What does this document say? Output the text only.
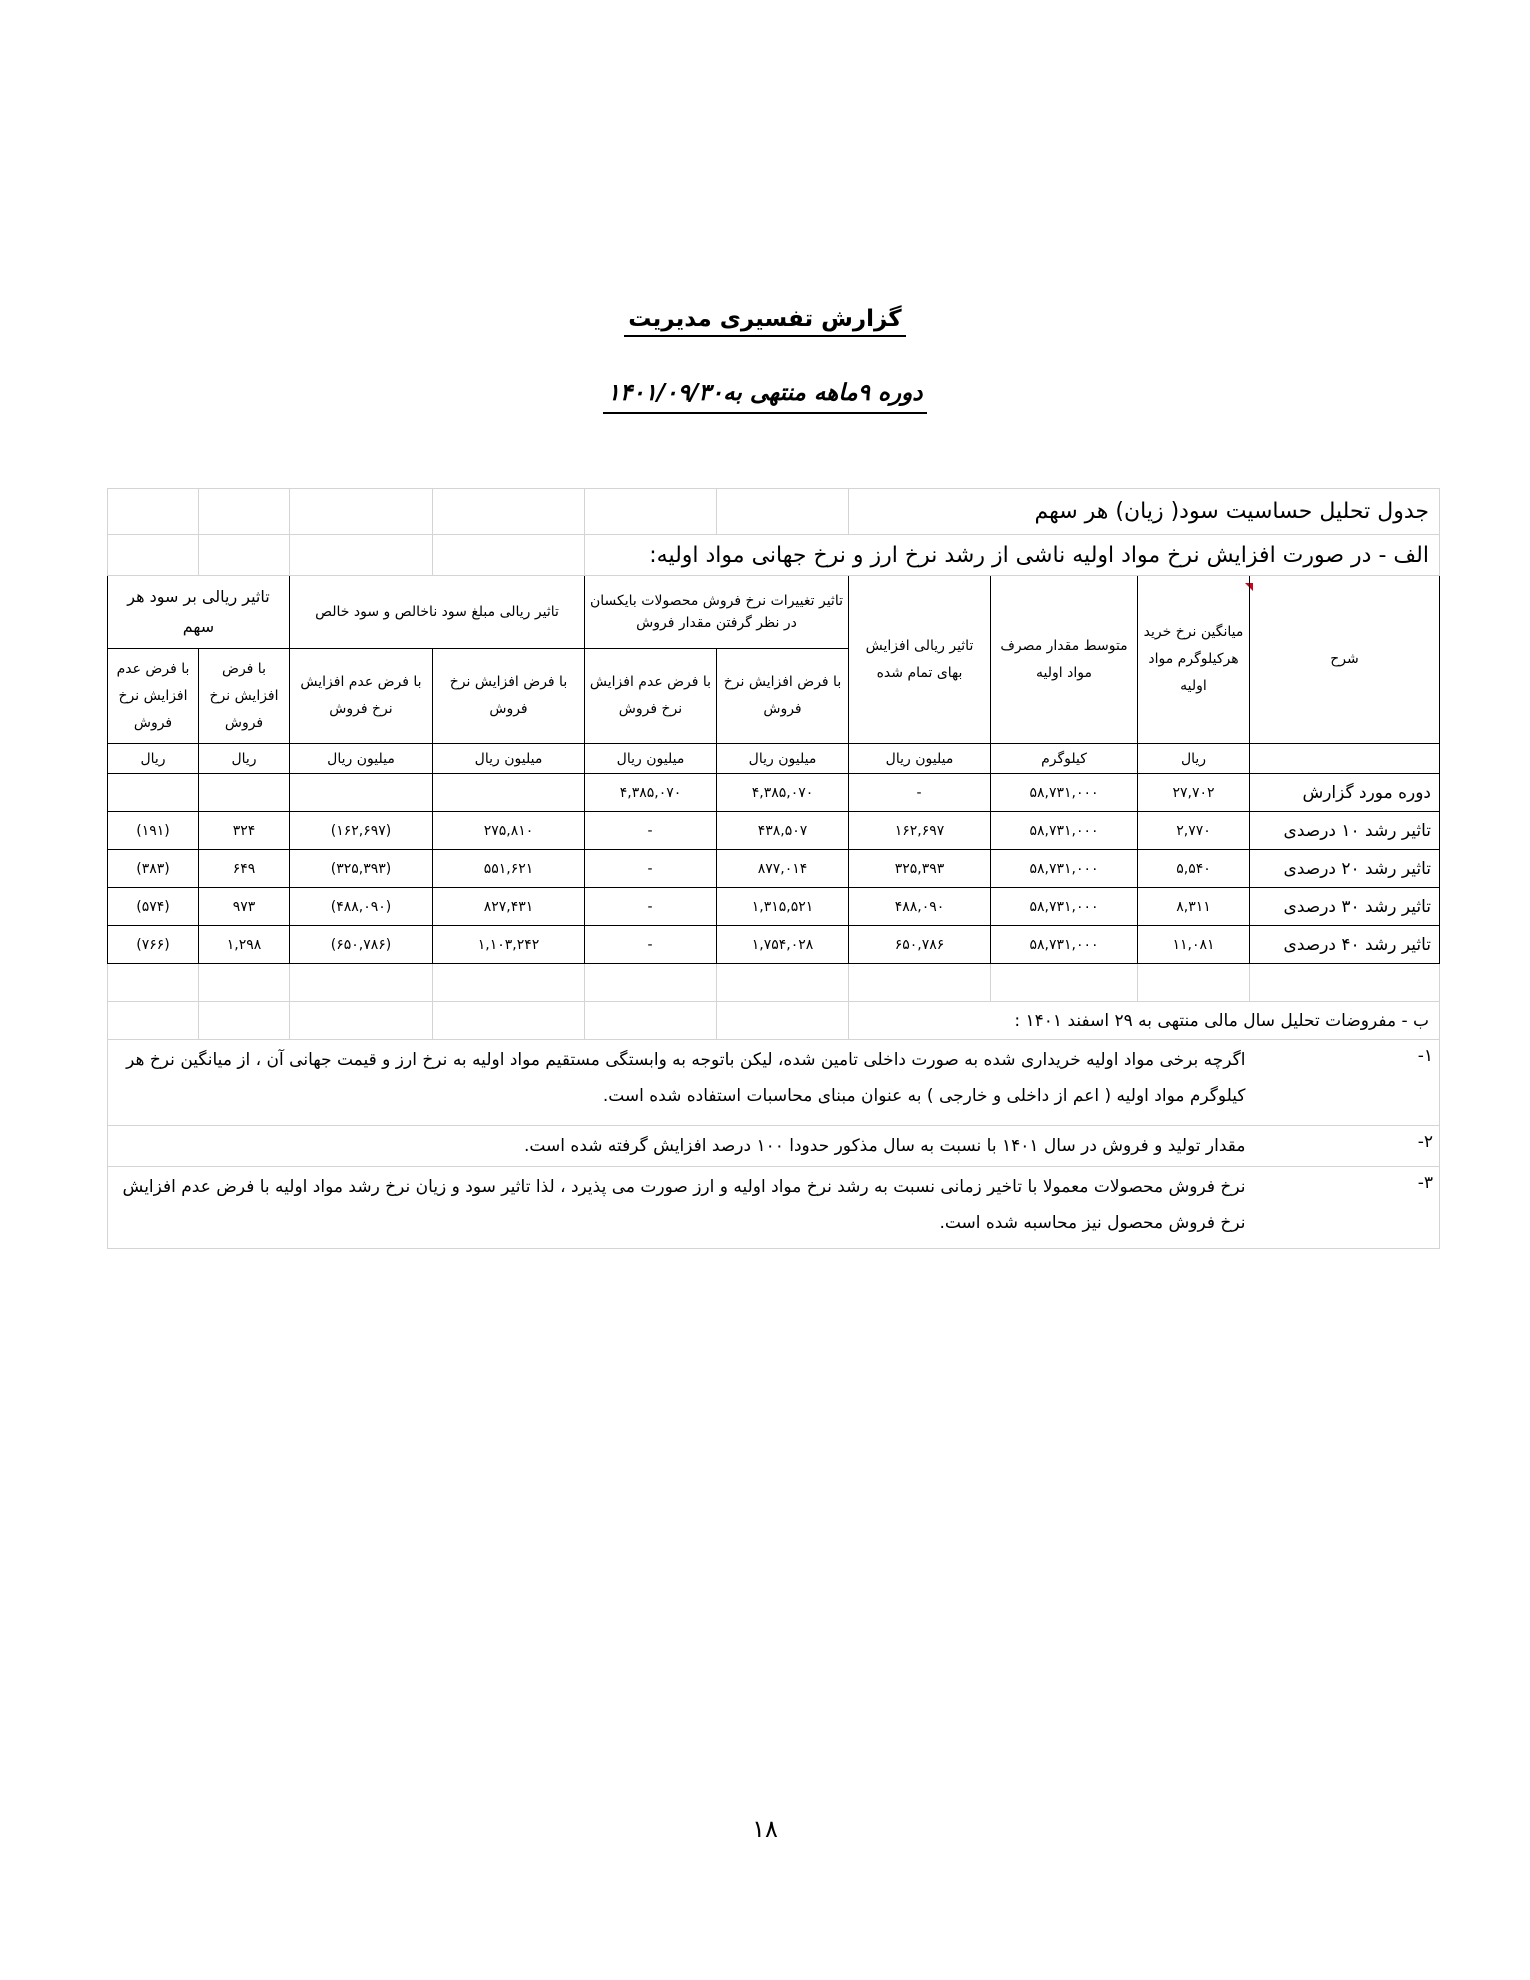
گزارش تفسیری مدیریت
دوره ۹ماهه منتهی به۱۴۰۱/۰۹/۳۰
جدول تحلیل حساسیت سود( زیان) هر سهم									
الف - در صورت افزایش نرخ مواد اولیه ناشی از رشد نرخ ارز و نرخ جهانی مواد اولیه:									
شرح	میانگین نرخ خرید هرکیلوگرم مواد اولیه	متوسط مقدار مصرف مواد اولیه	تاثیر ریالی افزایش بهای تمام شده	تاثیر تغییرات نرخ فروش محصولات بایکسان در نظر گرفتن مقدار فروش		تاثیر ریالی مبلغ سود ناخالص و سود خالص		تاثیر ریالی بر سود هر سهم	
				با فرض افزایش نرخ فروش	با فرض عدم افزایش نرخ فروش	با فرض افزایش نرخ فروش	با فرض عدم افزایش نرخ فروش	با فرض افزایش نرخ فروش	با فرض عدم افزایش نرخ فروش
	ریال	کیلوگرم	میلیون ریال	میلیون ریال	میلیون ریال	میلیون ریال	میلیون ریال	ریال	ریال
دوره مورد گزارش	۲۷,۷۰۲	۵۸,۷۳۱,۰۰۰	-	۴,۳۸۵,۰۷۰	۴,۳۸۵,۰۷۰				
تاثیر رشد ۱۰ درصدی	۲,۷۷۰	۵۸,۷۳۱,۰۰۰	۱۶۲,۶۹۷	۴۳۸,۵۰۷	-	۲۷۵,۸۱۰	(۱۶۲,۶۹۷)	۳۲۴	(۱۹۱)
تاثیر رشد ۲۰ درصدی	۵,۵۴۰	۵۸,۷۳۱,۰۰۰	۳۲۵,۳۹۳	۸۷۷,۰۱۴	-	۵۵۱,۶۲۱	(۳۲۵,۳۹۳)	۶۴۹	(۳۸۳)
تاثیر رشد ۳۰ درصدی	۸,۳۱۱	۵۸,۷۳۱,۰۰۰	۴۸۸,۰۹۰	۱,۳۱۵,۵۲۱	-	۸۲۷,۴۳۱	(۴۸۸,۰۹۰)	۹۷۳	(۵۷۴)
تاثیر رشد ۴۰ درصدی	۱۱,۰۸۱	۵۸,۷۳۱,۰۰۰	۶۵۰,۷۸۶	۱,۷۵۴,۰۲۸	-	۱,۱۰۳,۲۴۲	(۶۵۰,۷۸۶)	۱,۲۹۸	(۷۶۶)

ب - مفروضات تحلیل سال مالی منتهی به ۲۹ اسفند ۱۴۰۱ :									
۱-	اگرچه برخی مواد اولیه خریداری شده به صورت داخلی تامین شده، لیکن باتوجه به وابستگی مستقیم مواد اولیه به نرخ ارز و قیمت جهانی آن ، از میانگین نرخ هر کیلوگرم مواد اولیه ( اعم از داخلی و خارجی ) به عنوان مبنای محاسبات استفاده شده است.								
۲-	مقدار تولید و فروش در سال ۱۴۰۱ با نسبت به سال مذکور حدودا ۱۰۰ درصد افزایش گرفته شده است.								
۳-	نرخ فروش محصولات معمولا با تاخیر زمانی نسبت به رشد نرخ مواد اولیه و ارز صورت می پذیرد ، لذا تاثیر سود و زیان نرخ رشد مواد اولیه با فرض عدم افزایش نرخ فروش محصول نیز محاسبه شده است.								
۱۸
